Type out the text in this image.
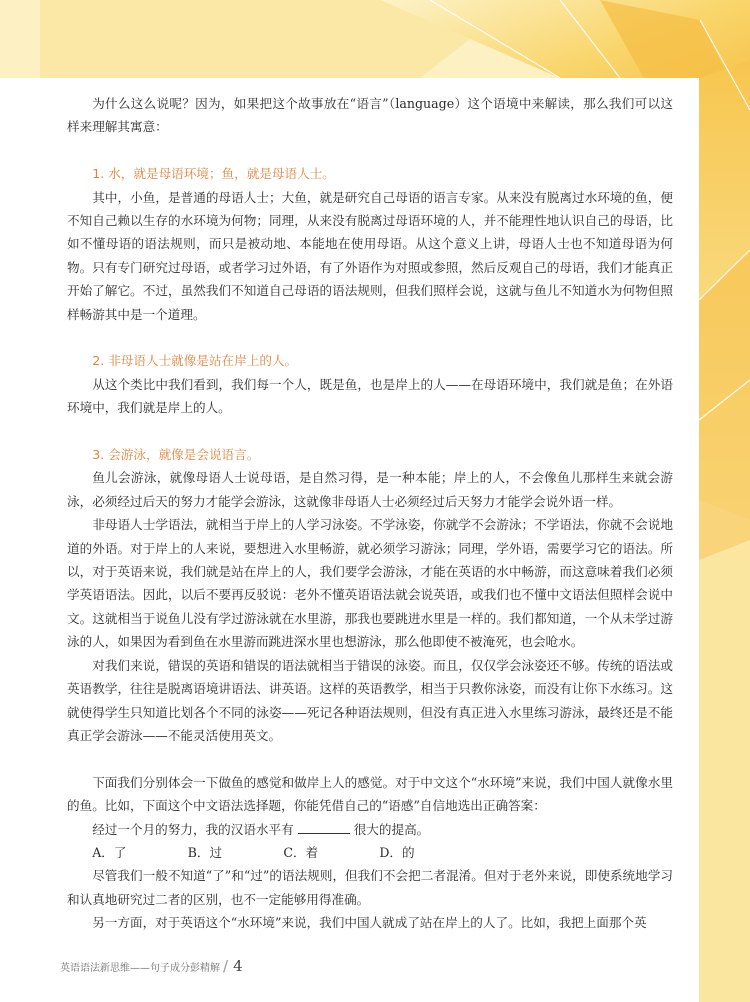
为什么这么说呢？因为，如果把这个故事放在“语言”（language）这个语境中来解读，那么我们可以这样来理解其寓意：

1. 水，就是母语环境；鱼，就是母语人士。

其中，小鱼，是普通的母语人士；大鱼，就是研究自己母语的语言专家。从来没有脱离过水环境的鱼，便不知自己赖以生存的水环境为何物；同理，从来没有脱离过母语环境的人，并不能理性地认识自己的母语，比如不懂母语的语法规则，而只是被动地、本能地在使用母语。从这个意义上讲，母语人士也不知道母语为何物。只有专门研究过母语，或者学习过外语，有了外语作为对照或参照，然后反观自己的母语，我们才能真正开始了解它。不过，虽然我们不知道自己母语的语法规则，但我们照样会说，这就与鱼儿不知道水为何物但照样畅游其中是一个道理。

2. 非母语人士就像是站在岸上的人。

从这个类比中我们看到，我们每一个人，既是鱼，也是岸上的人——在母语环境中，我们就是鱼；在外语环境中，我们就是岸上的人。

3. 会游泳，就像是会说语言。

鱼儿会游泳，就像母语人士说母语，是自然习得，是一种本能；岸上的人，不会像鱼儿那样生来就会游泳，必须经过后天的努力才能学会游泳，这就像非母语人士必须经过后天努力才能学会说外语一样。

非母语人士学语法，就相当于岸上的人学习泳姿。不学泳姿，你就学不会游泳；不学语法，你就不会说地道的外语。对于岸上的人来说，要想进入水里畅游，就必须学习游泳；同理，学外语，需要学习它的语法。所以，对于英语来说，我们就是站在岸上的人，我们要学会游泳，才能在英语的水中畅游，而这意味着我们必须学英语语法。因此，以后不要再反驳说：老外不懂英语语法就会说英语，或我们也不懂中文语法但照样会说中文。这就相当于说鱼儿没有学过游泳就在水里游，那我也要跳进水里是一样的。我们都知道，一个从未学过游泳的人，如果因为看到鱼在水里游而跳进深水里也想游泳，那么他即使不被淹死，也会呛水。

对我们来说，错误的英语和错误的语法就相当于错误的泳姿。而且，仅仅学会泳姿还不够。传统的语法或英语教学，往往是脱离语境讲语法、讲英语。这样的英语教学，相当于只教你泳姿，而没有让你下水练习。这就使得学生只知道比划各个不同的泳姿——死记各种语法规则，但没有真正进入水里练习游泳，最终还是不能真正学会游泳——不能灵活使用英文。

下面我们分别体会一下做鱼的感觉和做岸上人的感觉。对于中文这个“水环境”来说，我们中国人就像水里的鱼。比如，下面这个中文语法选择题，你能凭借自己的“语感”自信地选出正确答案：

经过一个月的努力，我的汉语水平有	很大的提高。

A．了	B．过	C．着	D．的

尽管我们一般不知道“了”和“过”的语法规则，但我们不会把二者混淆。但对于老外来说，即使系统地学习和认真地研究过二者的区别，也不一定能够用得准确。

另一方面，对于英语这个“水环境”来说，我们中国人就成了站在岸上的人了。比如，我把上面那个英

英语语法新思维——句子成分彭精解 / 4
